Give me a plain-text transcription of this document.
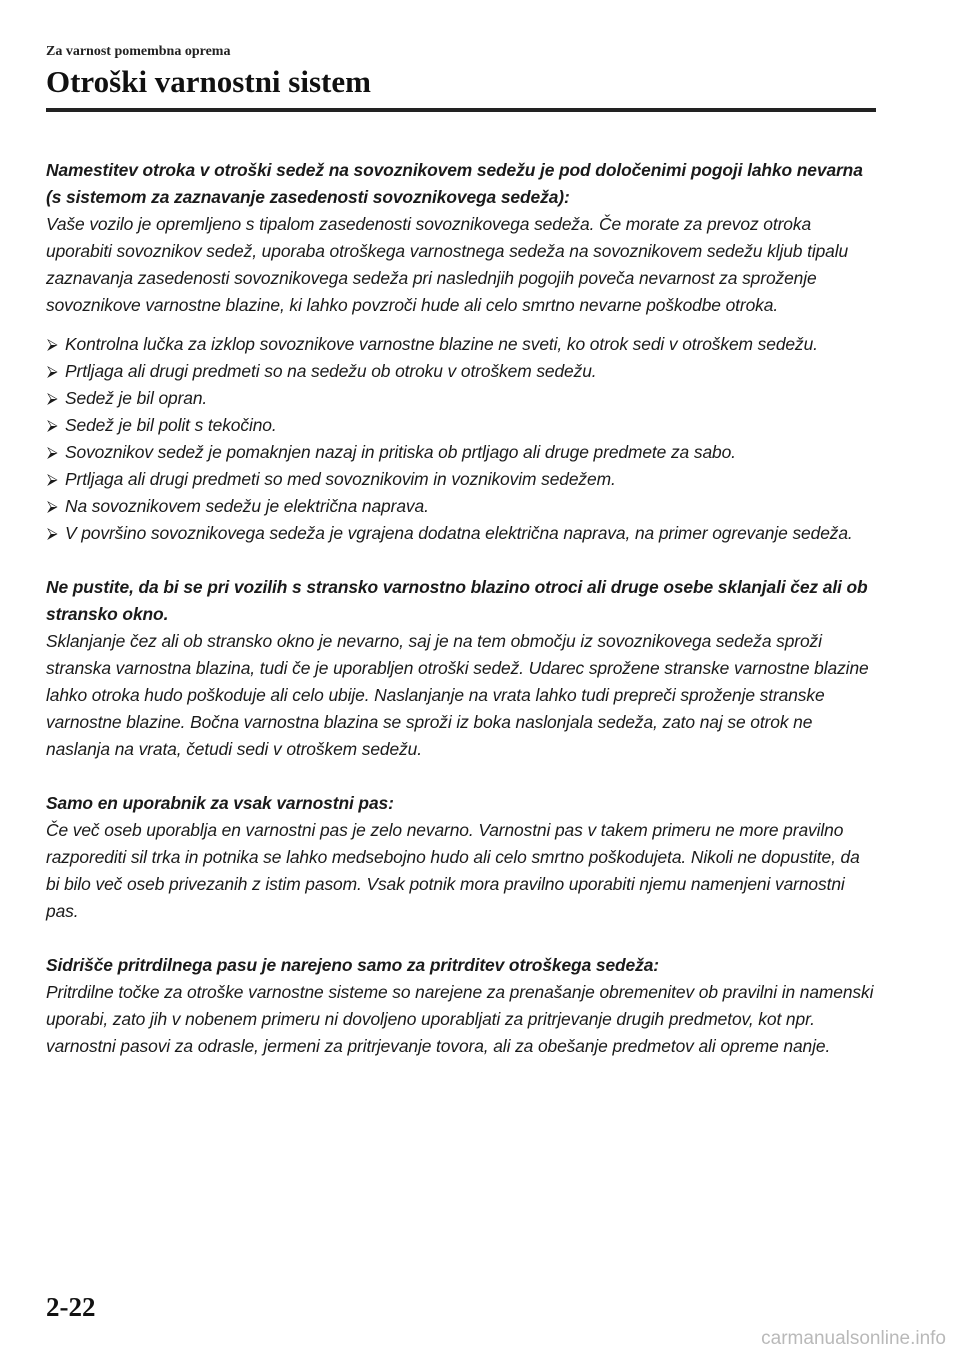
Za varnost pomembna oprema
Otroški varnostni sistem

Namestitev otroka v otroški sedež na sovoznikovem sedežu je pod določenimi pogoji lahko nevarna (s sistemom za zaznavanje zasedenosti sovoznikovega sedeža):

Vaše vozilo je opremljeno s tipalom zasedenosti sovoznikovega sedeža. Če morate za prevoz otroka uporabiti sovoznikov sedež, uporaba otroškega varnostnega sedeža na sovoznikovem sedežu kljub tipalu zaznavanja zasedenosti sovoznikovega sedeža pri naslednjih pogojih poveča nevarnost za sproženje sovoznikove varnostne blazine, ki lahko povzroči hude ali celo smrtno nevarne poškodbe otroka.

⮚ Kontrolna lučka za izklop sovoznikove varnostne blazine ne sveti, ko otrok sedi v otroškem sedežu.
⮚ Prtljaga ali drugi predmeti so na sedežu ob otroku v otroškem sedežu.
⮚ Sedež je bil opran.
⮚ Sedež je bil polit s tekočino.
⮚ Sovoznikov sedež je pomaknjen nazaj in pritiska ob prtljago ali druge predmete za sabo.
⮚ Prtljaga ali drugi predmeti so med sovoznikovim in voznikovim sedežem.
⮚ Na sovoznikovem sedežu je električna naprava.
⮚ V površino sovoznikovega sedeža je vgrajena dodatna električna naprava, na primer ogrevanje sedeža.

Ne pustite, da bi se pri vozilih s stransko varnostno blazino otroci ali druge osebe sklanjali čez ali ob stransko okno.

Sklanjanje čez ali ob stransko okno je nevarno, saj je na tem območju iz sovoznikovega sedeža sproži stranska varnostna blazina, tudi če je uporabljen otroški sedež. Udarec sprožene stranske varnostne blazine lahko otroka hudo poškoduje ali celo ubije. Naslanjanje na vrata lahko tudi prepreči sproženje stranske varnostne blazine. Bočna varnostna blazina se sproži iz boka naslonjala sedeža, zato naj se otrok ne naslanja na vrata, četudi sedi v otroškem sedežu.

Samo en uporabnik za vsak varnostni pas:

Če več oseb uporablja en varnostni pas je zelo nevarno. Varnostni pas v takem primeru ne more pravilno razporediti sil trka in potnika se lahko medsebojno hudo ali celo smrtno poškodujeta. Nikoli ne dopustite, da bi bilo več oseb privezanih z istim pasom. Vsak potnik mora pravilno uporabiti njemu namenjeni varnostni pas.

Sidrišče pritrdilnega pasu je narejeno samo za pritrditev otroškega sedeža:

Pritrdilne točke za otroške varnostne sisteme so narejene za prenašanje obremenitev ob pravilni in namenski uporabi, zato jih v nobenem primeru ni dovoljeno uporabljati za pritrjevanje drugih predmetov, kot npr. varnostni pasovi za odrasle, jermeni za pritrjevanje tovora, ali za obešanje predmetov ali opreme nanje.

2-22
carmanualsonline.info
